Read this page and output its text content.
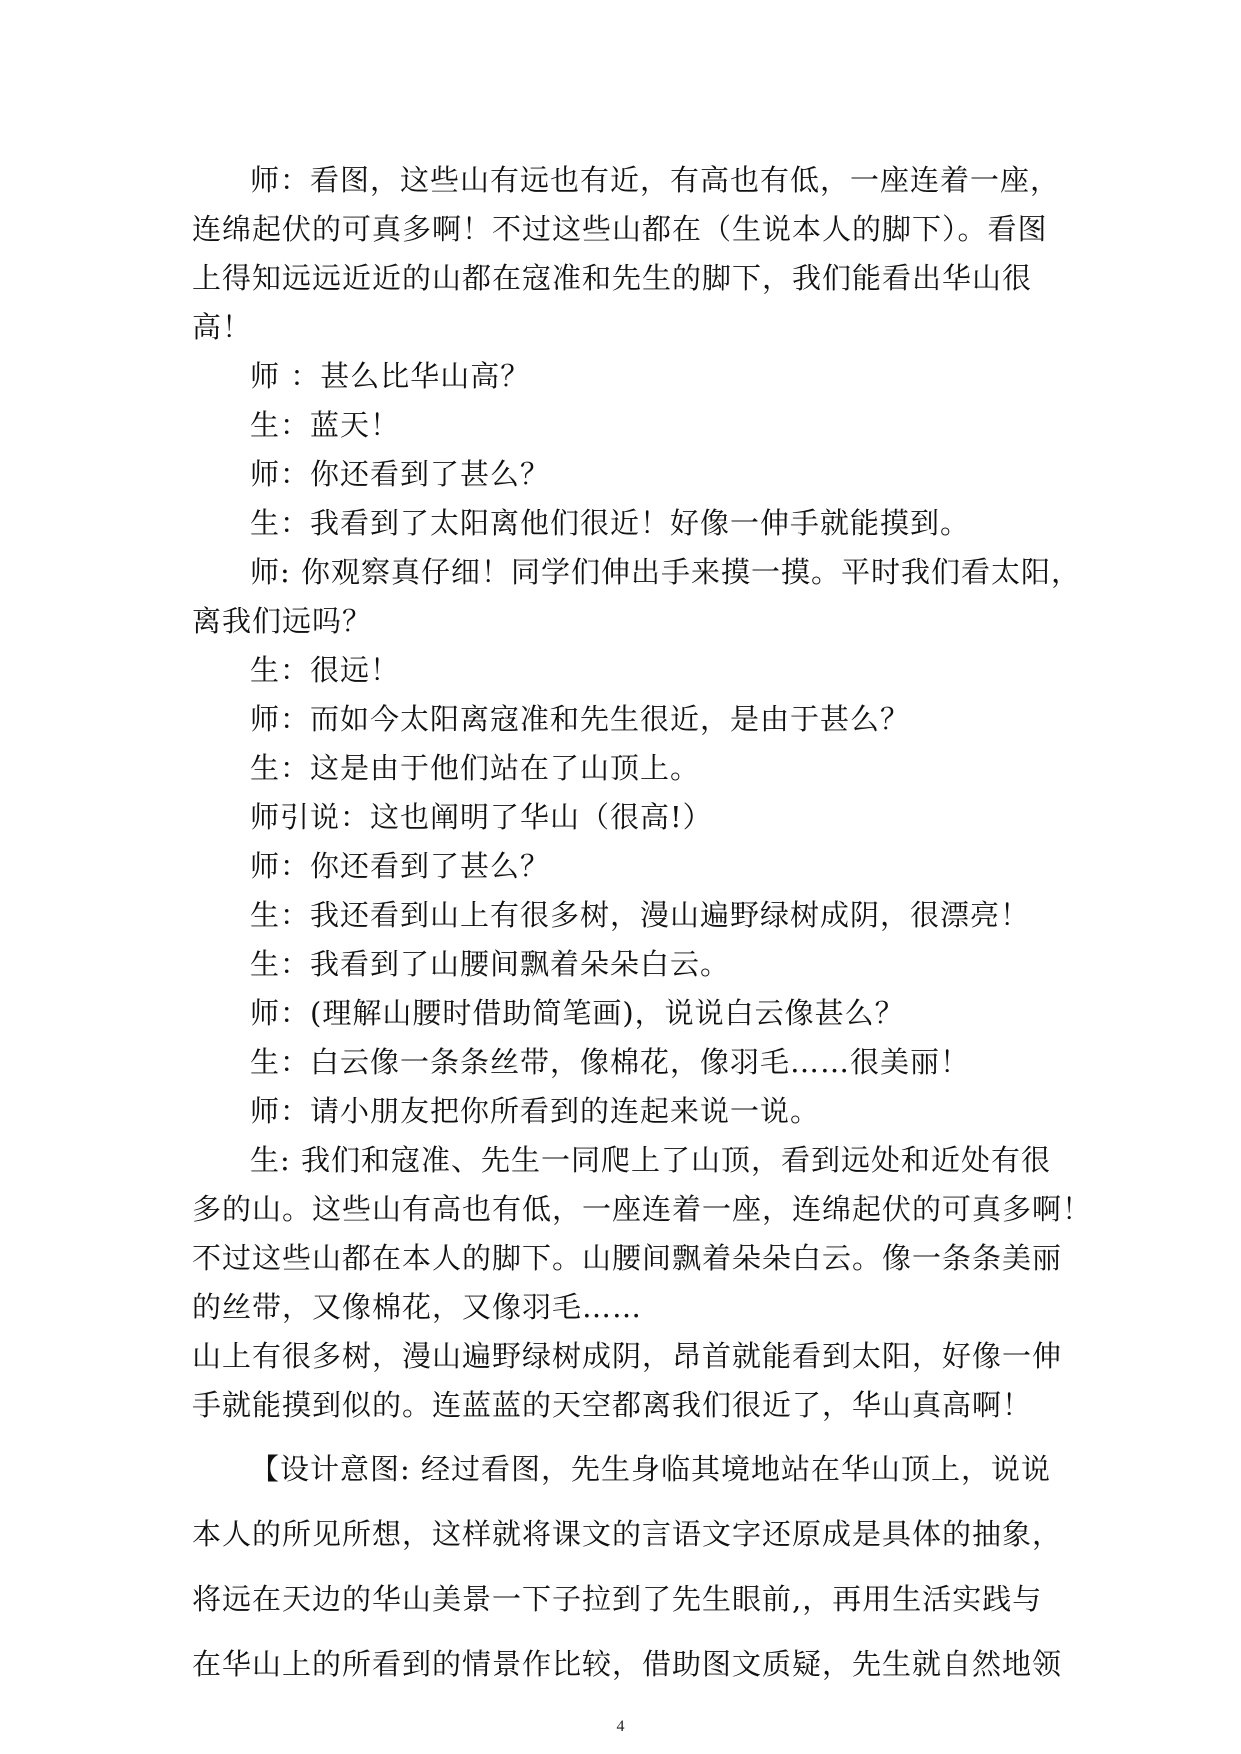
师：看图，这些山有远也有近，有高也有低，一座连着一座，
连绵起伏的可真多啊！不过这些山都在（生说本人的脚下）。看图
上得知远远近近的山都在寇准和先生的脚下，我们能看出华山很
高！
师 ：甚么比华山高？
生：蓝天！
师：你还看到了甚么？
生：我看到了太阳离他们很近！好像一伸手就能摸到。
师: 你观察真仔细！同学们伸出手来摸一摸。平时我们看太阳，
离我们远吗？
生：很远！
师：而如今太阳离寇准和先生很近，是由于甚么？
生：这是由于他们站在了山顶上。
师引说：这也阐明了华山（很高!）
师：你还看到了甚么？
生：我还看到山上有很多树，漫山遍野绿树成阴，很漂亮！
生：我看到了山腰间飘着朵朵白云。
师：(理解山腰时借助简笔画)，说说白云像甚么？
生：白云像一条条丝带，像棉花，像羽毛……很美丽！
师：请小朋友把你所看到的连起来说一说。
生: 我们和寇准、先生一同爬上了山顶，看到远处和近处有很
多的山。这些山有高也有低，一座连着一座，连绵起伏的可真多啊！
不过这些山都在本人的脚下。山腰间飘着朵朵白云。像一条条美丽
的丝带，又像棉花，又像羽毛……
山上有很多树，漫山遍野绿树成阴，昂首就能看到太阳，好像一伸
手就能摸到似的。连蓝蓝的天空都离我们很近了，华山真高啊！
【设计意图: 经过看图，先生身临其境地站在华山顶上，说说
本人的所见所想，这样就将课文的言语文字还原成是具体的抽象，
将远在天边的华山美景一下子拉到了先生眼前,，再用生活实践与
在华山上的所看到的情景作比较，借助图文质疑，先生就自然地领
4
